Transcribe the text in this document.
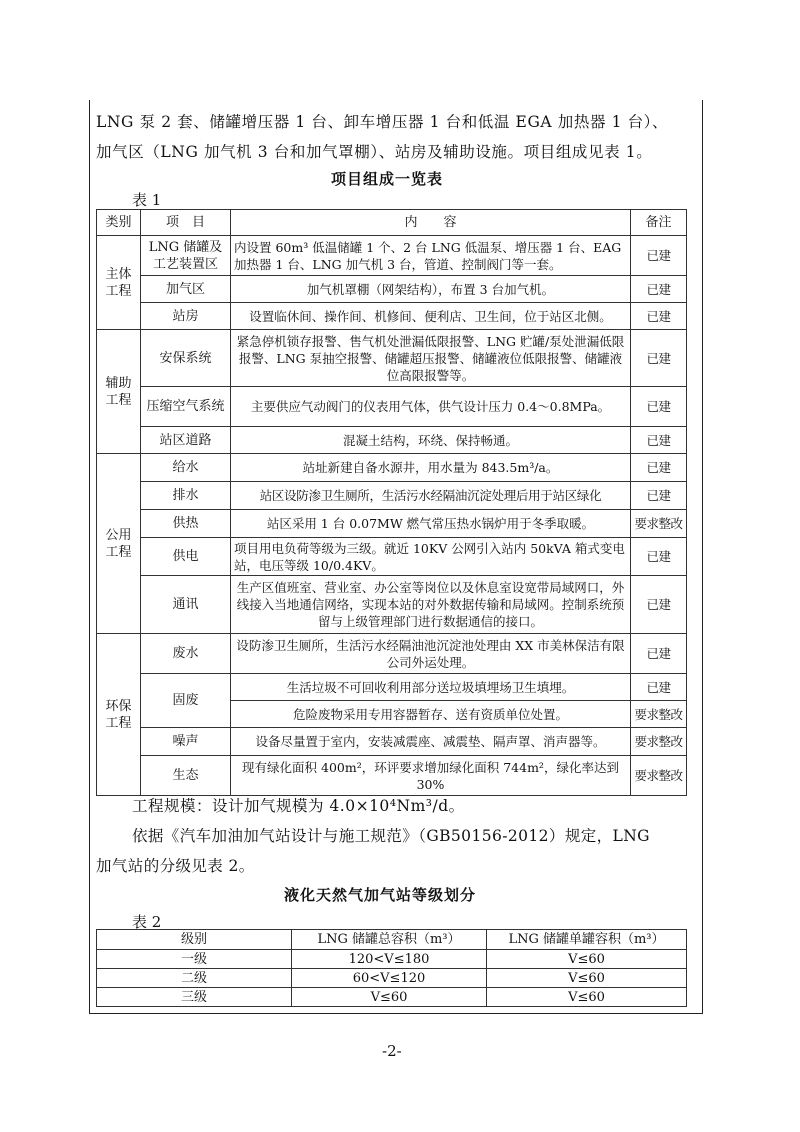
LNG 泵 2 套、储罐增压器 1 台、卸车增压器 1 台和低温 EGA 加热器 1 台）、
加气区（LNG 加气机 3 台和加气罩棚）、站房及辅助设施。项目组成见表 1。
项目组成一览表
表 1
类别	项　目	内　　容	备注
主体
工程	LNG 储罐及工艺装置区	内设置 60m³ 低温储罐 1 个、2 台 LNG 低温泵、增压器 1 台、EAG 加热器 1 台、LNG 加气机 3 台，管道、控制阀门等一套。	已建
	加气区	加气机罩棚（网架结构），布置 3 台加气机。	已建
	站房	设置临休间、操作间、机修间、便利店、卫生间，位于站区北侧。	已建
辅助
工程	安保系统	紧急停机锁存报警、售气机处泄漏低限报警、LNG 贮罐/泵处泄漏低限报警、LNG 泵抽空报警、储罐超压报警、储罐液位低限报警、储罐液位高限报警等。	已建
	压缩空气系统	主要供应气动阀门的仪表用气体，供气设计压力 0.4～0.8MPa。	已建
	站区道路	混凝土结构，环绕、保持畅通。	已建
公用
工程	给水	站址新建自备水源井，用水量为 843.5m³/a。	已建
	排水	站区设防渗卫生厕所，生活污水经隔油沉淀处理后用于站区绿化	已建
	供热	站区采用 1 台 0.07MW 燃气常压热水锅炉用于冬季取暖。	要求整改
	供电	项目用电负荷等级为三级。就近 10KV 公网引入站内 50kVA 箱式变电站，电压等级 10/0.4KV。	已建
	通讯	生产区值班室、营业室、办公室等岗位以及休息室设宽带局域网口，外线接入当地通信网络，实现本站的对外数据传输和局域网。控制系统预留与上级管理部门进行数据通信的接口。	已建
环保
工程	废水	设防渗卫生厕所，生活污水经隔油池沉淀池处理由 XX 市美林保洁有限公司外运处理。	已建
	固废	生活垃圾不可回收利用部分送垃圾填埋场卫生填埋。	已建
		危险废物采用专用容器暂存、送有资质单位处置。	要求整改
	噪声	设备尽量置于室内，安装减震座、减震垫、隔声罩、消声器等。	要求整改
	生态	现有绿化面积 400m²，环评要求增加绿化面积 744m²，绿化率达到 30%	要求整改
工程规模：设计加气规模为 4.0×10⁴Nm³/d。
依据《汽车加油加气站设计与施工规范》（GB50156-2012）规定，LNG
加气站的分级见表 2。
液化天然气加气站等级划分
表 2
级别	LNG 储罐总容积（m³）	LNG 储罐单罐容积（m³）
一级	120<V≤180	V≤60
二级	60<V≤120	V≤60
三级	V≤60	V≤60
-2-
